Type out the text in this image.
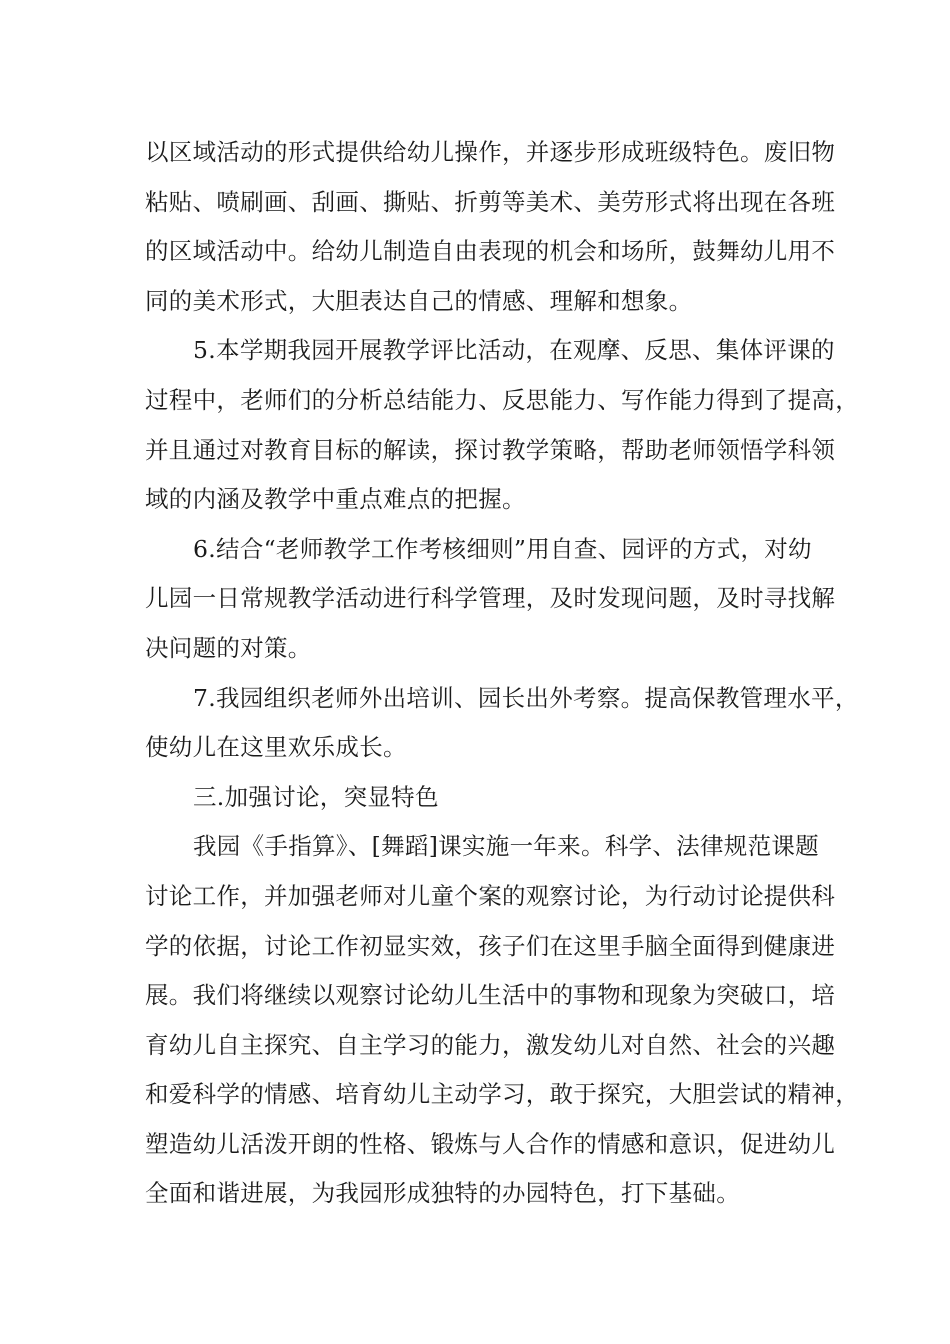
以区域活动的形式提供给幼儿操作，并逐步形成班级特色。废旧物
粘贴、喷刷画、刮画、撕贴、折剪等美术、美劳形式将出现在各班
的区域活动中。给幼儿制造自由表现的机会和场所，鼓舞幼儿用不
同的美术形式，大胆表达自己的情感、理解和想象。
5.本学期我园开展教学评比活动，在观摩、反思、集体评课的
过程中，老师们的分析总结能力、反思能力、写作能力得到了提高，
并且通过对教育目标的解读，探讨教学策略，帮助老师领悟学科领
域的内涵及教学中重点难点的把握。
6.结合“老师教学工作考核细则”用自查、园评的方式，对幼
儿园一日常规教学活动进行科学管理，及时发现问题，及时寻找解
决问题的对策。
7.我园组织老师外出培训、园长出外考察。提高保教管理水平，
使幼儿在这里欢乐成长。
三.加强讨论，突显特色
我园《手指算》、[舞蹈]课实施一年来。科学、法律规范课题
讨论工作，并加强老师对儿童个案的观察讨论，为行动讨论提供科
学的依据，讨论工作初显实效，孩子们在这里手脑全面得到健康进
展。我们将继续以观察讨论幼儿生活中的事物和现象为突破口，培
育幼儿自主探究、自主学习的能力，激发幼儿对自然、社会的兴趣
和爱科学的情感、培育幼儿主动学习，敢于探究，大胆尝试的精神，
塑造幼儿活泼开朗的性格、锻炼与人合作的情感和意识，促进幼儿
全面和谐进展，为我园形成独特的办园特色，打下基础。
